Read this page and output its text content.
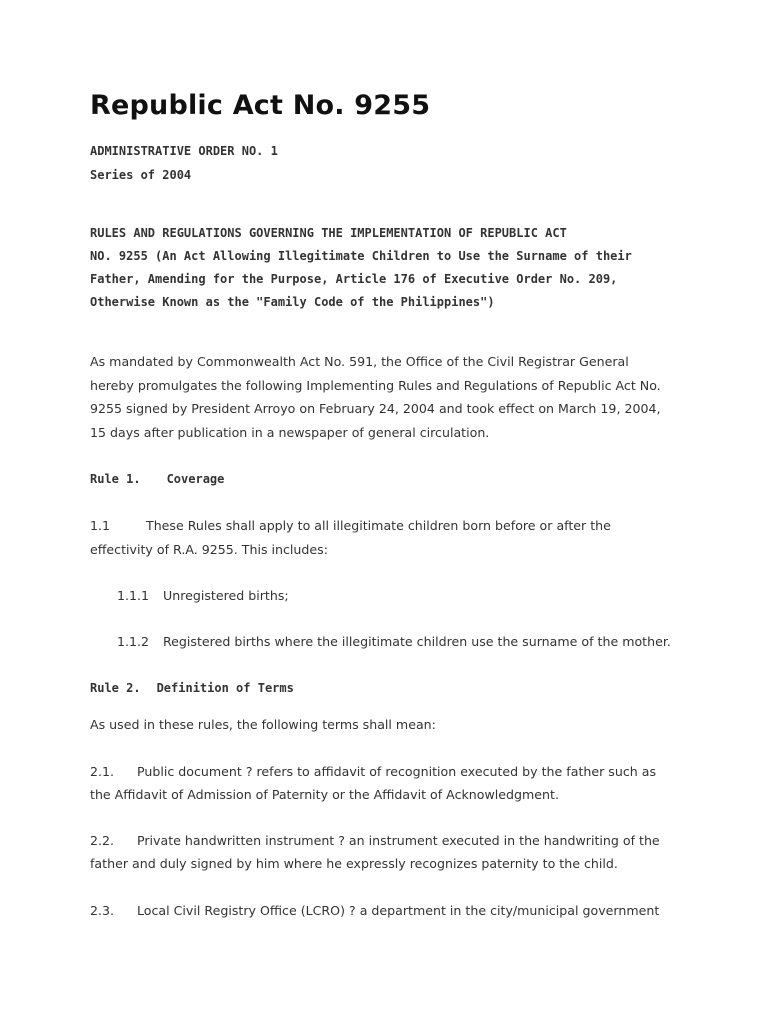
Republic Act No. 9255
ADMINISTRATIVE ORDER NO. 1
Series of 2004
RULES AND REGULATIONS GOVERNING THE IMPLEMENTATION OF REPUBLIC ACT
NO. 9255 (An Act Allowing Illegitimate Children to Use the Surname of their
Father, Amending for the Purpose, Article 176 of Executive Order No. 209,
Otherwise Known as the "Family Code of the Philippines")
As mandated by Commonwealth Act No. 591, the Office of the Civil Registrar General
hereby promulgates the following Implementing Rules and Regulations of Republic Act No.
9255 signed by President Arroyo on February 24, 2004 and took effect on March 19, 2004,
15 days after publication in a newspaper of general circulation.
Rule 1. Coverage
1.1	These Rules shall apply to all illegitimate children born before or after the
effectivity of R.A. 9255. This includes:
1.1.1 Unregistered births;
1.1.2 Registered births where the illegitimate children use the surname of the mother.
Rule 2. Definition of Terms
As used in these rules, the following terms shall mean:
2.1. Public document ? refers to affidavit of recognition executed by the father such as
the Affidavit of Admission of Paternity or the Affidavit of Acknowledgment.
2.2. Private handwritten instrument ? an instrument executed in the handwriting of the
father and duly signed by him where he expressly recognizes paternity to the child.
2.3. Local Civil Registry Office (LCRO) ? a department in the city/municipal government
